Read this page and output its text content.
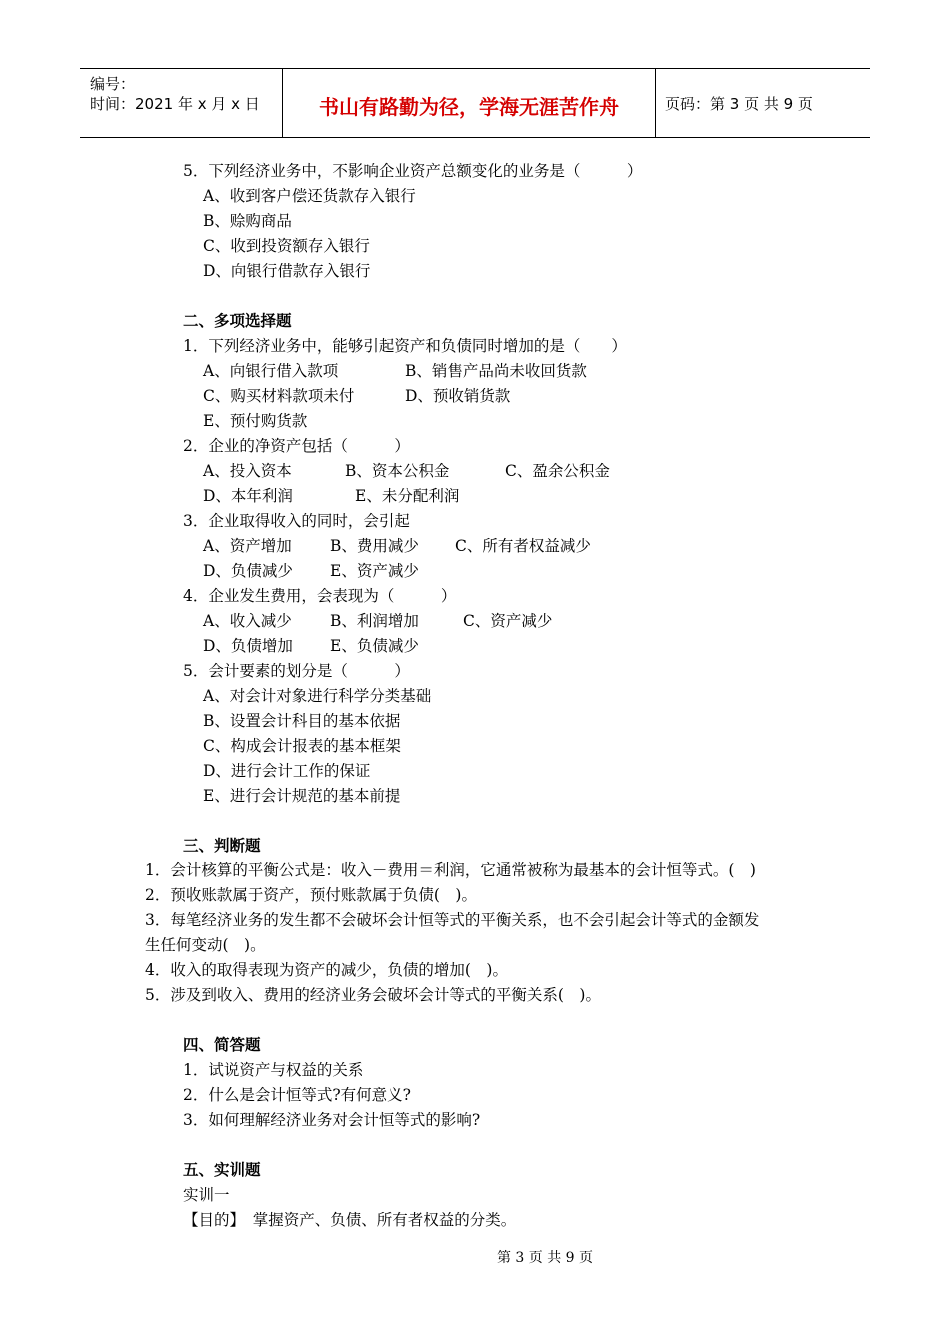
编号：
时间：2021 年 x 月 x 日	书山有路勤为径，学海无涯苦作舟	页码：第 3 页 共 9 页
5．下列经济业务中，不影响企业资产总额变化的业务是（　　　）
A、收到客户偿还货款存入银行
B、赊购商品
C、收到投资额存入银行
D、向银行借款存入银行
二、多项选择题
1．下列经济业务中，能够引起资产和负债同时增加的是（　　）
A、向银行借入款项	B、销售产品尚未收回货款
C、购买材料款项未付	D、预收销货款
E、预付购货款
2．企业的净资产包括（　　　）
A、投入资本	B、资本公积金	C、盈余公积金
D、本年利润	E、未分配利润
3．企业取得收入的同时，会引起
A、资产增加 B、费用减少 C、所有者权益减少
D、负债减少 E、资产减少
4．企业发生费用，会表现为（　　　）
A、收入减少 B、利润增加	C、资产减少
D、负债增加 E、负债减少
5．会计要素的划分是（　　　）
A、对会计对象进行科学分类基础
B、设置会计科目的基本依据
C、构成会计报表的基本框架
D、进行会计工作的保证
E、进行会计规范的基本前提
三、判断题
1．会计核算的平衡公式是：收入－费用＝利润，它通常被称为最基本的会计恒等式。(　)
2．预收账款属于资产，预付账款属于负债(　)。
3．每笔经济业务的发生都不会破坏会计恒等式的平衡关系，也不会引起会计等式的金额发
生任何变动(　)。
4．收入的取得表现为资产的减少，负债的增加(　)。
5．涉及到收入、费用的经济业务会破坏会计等式的平衡关系(　)。
四、简答题
1．试说资产与权益的关系
2．什么是会计恒等式?有何意义?
3．如何理解经济业务对会计恒等式的影响?
五、实训题
实训一
【目的】　掌握资产、负债、所有者权益的分类。
第 3 页 共 9 页
